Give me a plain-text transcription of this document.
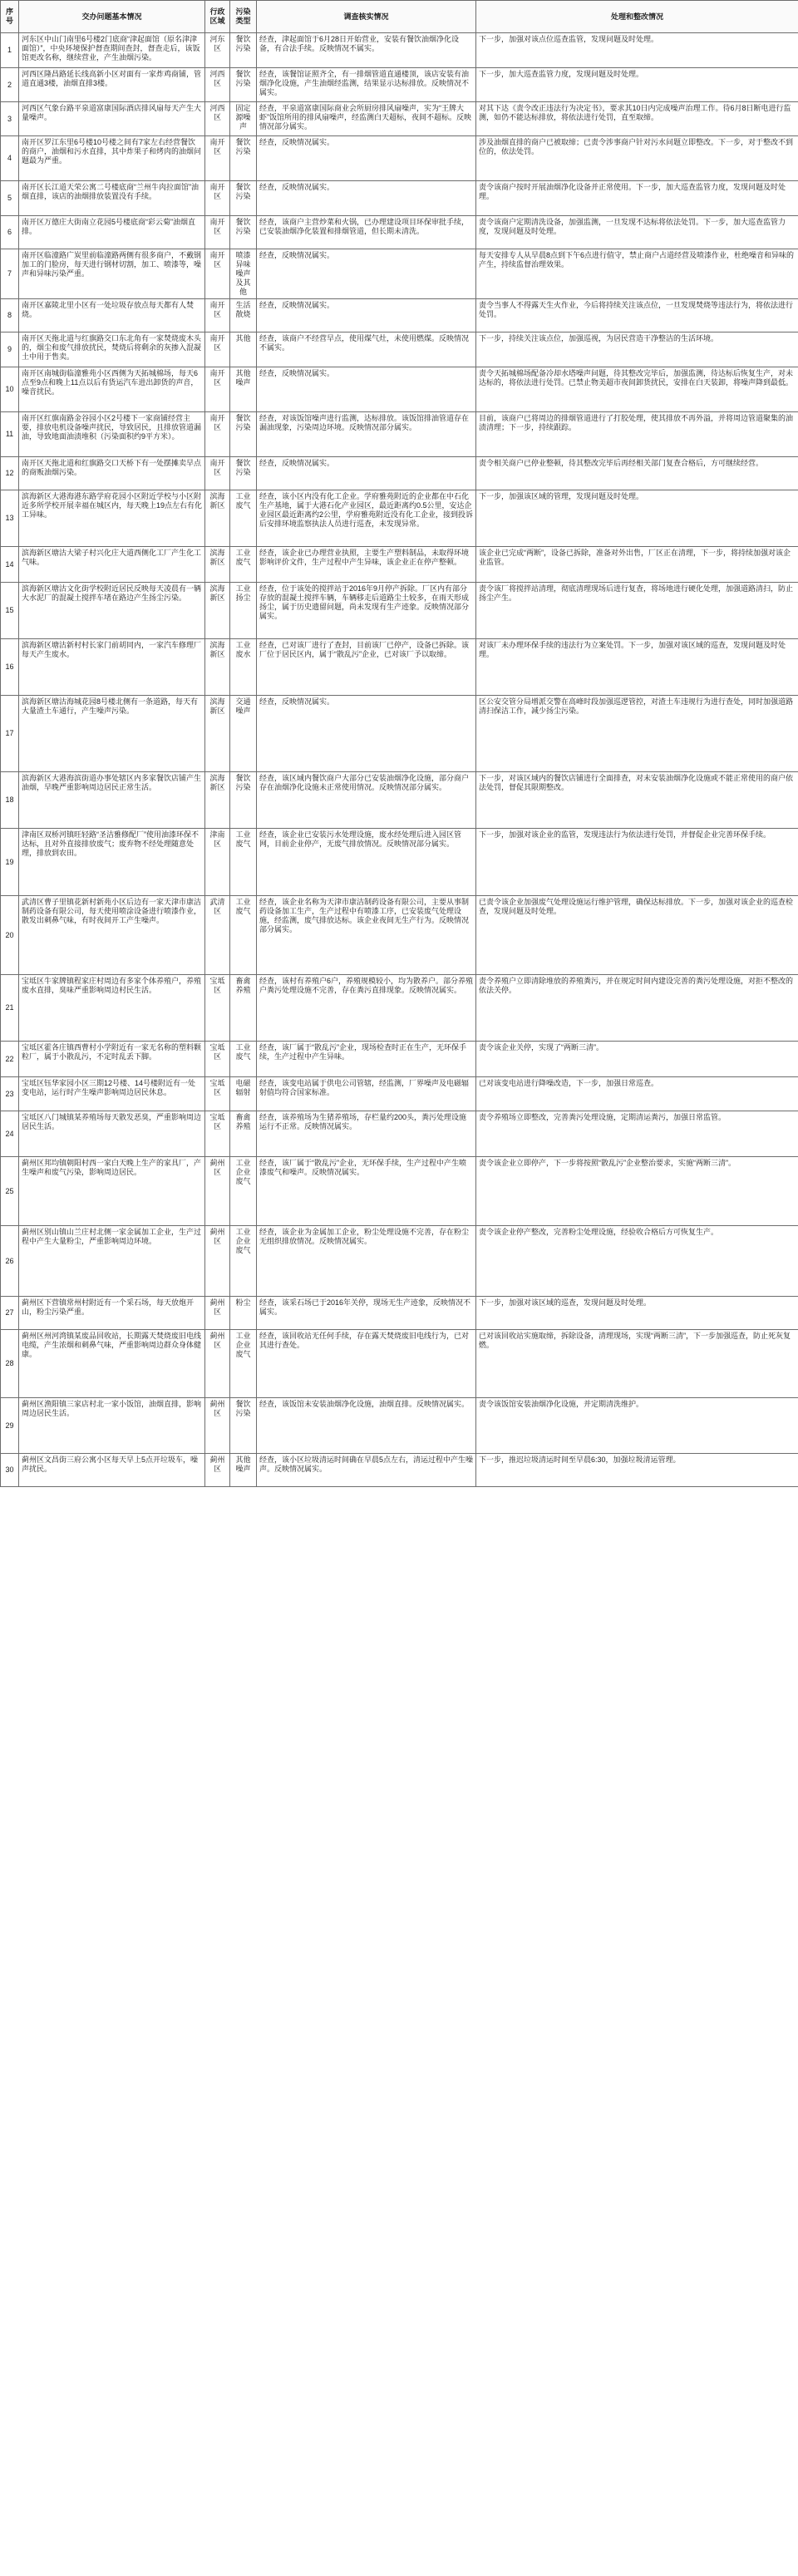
序号	交办问题基本情况	行政区域	污染类型	调查核实情况	处理和整改情况
1	河东区中山门南里6号楼2门底商“津起面馆（原名津津面馆）”，中央环境保护督查期间查封，督查走后，该饭馆更改名称，继续营业，产生油烟污染。	河东区	餐饮污染	经查，津起面馆于6月28日开始营业，安装有餐饮油烟净化设备，有合法手续。反映情况不属实。	下一步，加强对该点位巡查监管，发现问题及时处理。
2	河西区隆昌路延长线高新小区对面有一家炸鸡商铺，管道直通3楼，油烟直排3楼。	河西区	餐饮污染	经查，该餐馆证照齐全，有一排烟管道直通楼顶，该店安装有油烟净化设施，产生油烟经监测，结果显示达标排放。反映情况不属实。	下一步，加大巡查监管力度，发现问题及时处理。
3	河西区气象台路平泉道富康国际酒店排风扇每天产生大量噪声。	河西区	固定源噪声	经查，平泉道富康国际商业会所厨房排风扇噪声，实为“王牌大虾”饭馆所用的排风扇噪声，经监测白天超标，夜间不超标。反映情况部分属实。	对其下达《责令改正违法行为决定书》，要求其10日内完成噪声治理工作。待6月8日断电进行监测，如仍不能达标排放，将依法进行处罚，直至取缔。
4	南开区罗江东里6号楼10号楼之间有7家左右经营餐饮的商户，油烟和污水直排，其中炸果子和烤肉的油烟问题最为严重。	南开区	餐饮污染	经查，反映情况属实。	涉及油烟直排的商户已被取缔；已责令涉事商户针对污水问题立即整改。下一步，对于整改不到位的，依法处罚。
5	南开区长江道天荣公寓二号楼底商“兰州牛肉拉面馆”油烟直排，该店的油烟排放装置没有手续。	南开区	餐饮污染	经查，反映情况属实。	责令该商户按时开展油烟净化设备并正常使用。下一步，加大巡查监管力度，发现问题及时处理。
6	南开区万德庄大街南立花园5号楼底商“彩云菊”油烟直排。	南开区	餐饮污染	经查，该商户主营炒菜和火锅，已办理建设项目环保审批手续，已安装油烟净化装置和排烟管道，但长期未清洗。	责令该商户定期清洗设备，加强监测，一旦发现不达标将依法处罚。下一步，加大巡查监管力度，发现问题及时处理。
7	南开区临潼路广炭里前临潼路两侧有很多商户，不戴钢加工的门脸房，每天进行钢材切割，加工、喷漆等，噪声和异味污染严重。	南开区	喷漆异味噪声及其他	经查，反映情况属实。	每天安排专人从早晨8点到下午6点进行值守，禁止商户占道经营及喷漆作业，杜绝噪音和异味的产生，持续监督治理效果。
8	南开区嘉陵北里小区有一处垃圾存放点每天都有人焚烧。	南开区	生活散烧	经查，反映情况属实。	责令当事人不得露天生火作业，今后将持续关注该点位，一旦发现焚烧等违法行为，将依法进行处罚。
9	南开区天拖北道与红旗路交口东北角有一家焚烧废木头的，烟尘和废气排放扰民，焚烧后将剩余的灰掺入混凝土中用于售卖。	南开区	其他	经查，该商户不经营早点，使用煤气灶，未使用燃煤。反映情况不属实。	下一步，持续关注该点位，加强巡视，为居民营造干净整洁的生活环境。
10	南开区南城街临潼雅苑小区西侧为天拓城棉场，每天6点至9点和晚上11点以后有货运汽车进出卸货的声音，噪音扰民。	南开区	其他噪声	经查，反映情况属实。	责令天拓城棉场配备冷却水塔噪声问题，待其整改完毕后，加强监测，待达标后恢复生产，对未达标的，将依法进行处罚。已禁止物美超市夜间卸货扰民，安排在白天装卸，将噪声降到最低。
11	南开区红旗南路金谷园小区2号楼下一家商铺经营主要，排放电机设备噪声扰民，导致居民，且排放管道漏油，导致地面油渍堆积（污染面积约9平方米）。	南开区	餐饮污染	经查，对该饭馆噪声进行监测，达标排放。该饭馆排油管道存在漏油现象，污染周边环境。反映情况部分属实。	目前，该商户已将周边的排烟管道进行了打胶处理，使其排放不再外溢，并将周边管道聚集的油渍清理；下一步，持续跟踪。
12	南开区天拖北道和红旗路交口天桥下有一处摆摊卖早点的商贩油烟污染。	南开区	餐饮污染	经查，反映情况属实。	责令相关商户已停业整顿，待其整改完毕后再经相关部门复查合格后，方可继续经营。
13	滨海新区大港海港东路学府花园小区附近学校与小区附近多所学校开展幸福在城区内，每天晚上19点左右有化工异味。	滨海新区	工业废气	经查，该小区内没有化工企业。学府雅苑附近的企业都在中石化生产基地，属于大港石化产业园区，最近距离约0.5公里，安达企业园区最近距离约2公里，学府雅苑附近没有化工企业，接到投诉后安排环境监察执法人员进行巡查，未发现异常。	下一步，加强该区域的管理，发现问题及时处理。
14	滨海新区塘沽大梁子村兴化庄大道西侧化工厂产生化工气味。	滨海新区	工业废气	经查，该企业已办理营业执照，主要生产塑料制品，未取得环境影响评价文件，生产过程中产生异味，该企业正在停产整顿。	该企业已完成“两断”，设备已拆除，准备对外出售，厂区正在清理，下一步，将持续加强对该企业监管。
15	滨海新区塘沽文化街学校附近居民反映每天凌晨有一辆大水泥厂的混凝土搅拌车堵在路边产生扬尘污染。	滨海新区	工业扬尘	经查，位于该处的搅拌站于2016年9月停产拆除。厂区内有部分存放的混凝土搅拌车辆，车辆移走后道路尘土较多，在雨天形成扬尘，属于历史遗留问题，尚未发现有生产迹象。反映情况部分属实。	责令该厂将搅拌站清理，彻底清理现场后进行复查，将场地进行硬化处理，加强道路清扫，防止扬尘产生。
16	滨海新区塘沽新村村长家门前胡同内，一家汽车修理厂每天产生废水。	滨海新区	工业废水	经查，已对该厂进行了查封，目前该厂已停产，设备已拆除。该厂位于居民区内，属于“散乱污”企业，已对该厂予以取缔。	对该厂未办理环保手续的违法行为立案处罚。下一步，加强对该区域的巡查，发现问题及时处理。
17	滨海新区塘沽海城花园8号楼北侧有一条道路，每天有大量渣土车通行，产生噪声污染。	滨海新区	交通噪声	经查，反映情况属实。	区公安交管分局增派交警在高峰时段加强巡逻管控，对渣土车违规行为进行查处，同时加强道路清扫保洁工作，减少扬尘污染。
18	滨海新区大港海滨街道办事处辖区内多家餐饮店铺产生油烟，早晚严重影响周边居民正常生活。	滨海新区	餐饮污染	经查，该区域内餐饮商户大部分已安装油烟净化设施，部分商户存在油烟净化设施未正常使用情况。反映情况部分属实。	下一步，对该区域内的餐饮店铺进行全面排查，对未安装油烟净化设施或不能正常使用的商户依法处罚，督促其限期整改。
19	津南区双桥河镇旺轻路“圣洁雅修配厂”使用油漆环保不达标，且对外直接排放废气；废弃物不经处理随意处理，排放到农田。	津南区	工业废气	经查，该企业已安装污水处理设施，废水经处理后进入园区管网，目前企业停产，无废气排放情况。反映情况部分属实。	下一步，加强对该企业的监管，发现违法行为依法进行处罚，并督促企业完善环保手续。
20	武清区曹子里镇花新村新苑小区后边有一家天津市康洁制药设备有限公司，每天使用喷涂设备进行喷漆作业，散发出刺鼻气味，有时夜间开工产生噪声。	武清区	工业废气	经查，该企业名称为天津市康洁制药设备有限公司，主要从事制药设备加工生产，生产过程中有喷漆工序，已安装废气处理设施，经监测，废气排放达标。该企业夜间无生产行为。反映情况部分属实。	已责令该企业加强废气处理设施运行维护管理，确保达标排放。下一步，加强对该企业的巡查检查，发现问题及时处理。
21	宝坻区牛家牌镇程家庄村周边有多家个体养殖户，养殖废水直排，臭味严重影响周边村民生活。	宝坻区	畜禽养殖	经查，该村有养殖户6户，养殖规模较小，均为散养户。部分养殖户粪污处理设施不完善，存在粪污直排现象。反映情况属实。	责令养殖户立即清除堆放的养殖粪污，并在规定时间内建设完善的粪污处理设施，对拒不整改的依法关停。
22	宝坻区霍各庄镇西曹村小学附近有一家无名称的塑料颗粒厂，属于小散乱污，不定时乱丢下脚。	宝坻区	工业废气	经查，该厂属于“散乱污”企业，现场检查时正在生产，无环保手续，生产过程中产生异味。	责令该企业关停，实现了“两断三清”。
23	宝坻区钰华家园小区三期12号楼、14号楼附近有一处变电站，运行时产生噪声影响周边居民休息。	宝坻区	电磁辐射	经查，该变电站属于供电公司管辖，经监测，厂界噪声及电磁辐射值均符合国家标准。	已对该变电站进行降噪改造，下一步，加强日常巡查。
24	宝坻区八门城镇某养殖场每天散发恶臭，严重影响周边居民生活。	宝坻区	畜禽养殖	经查，该养殖场为生猪养殖场，存栏量约200头，粪污处理设施运行不正常。反映情况属实。	责令养殖场立即整改，完善粪污处理设施，定期清运粪污，加强日常监管。
25	蓟州区邦均镇朝阳村西一家白天晚上生产的家具厂，产生噪声和废气污染，影响周边居民。	蓟州区	工业企业废气	经查，该厂属于“散乱污”企业，无环保手续，生产过程中产生喷漆废气和噪声。反映情况属实。	责令该企业立即停产，下一步将按照“散乱污”企业整治要求，实施“两断三清”。
26	蓟州区别山镇山兰庄村北侧一家金属加工企业，生产过程中产生大量粉尘，严重影响周边环境。	蓟州区	工业企业废气	经查，该企业为金属加工企业，粉尘处理设施不完善，存在粉尘无组织排放情况。反映情况属实。	责令该企业停产整改，完善粉尘处理设施，经验收合格后方可恢复生产。
27	蓟州区下营镇常州村附近有一个采石场，每天放炮开山，粉尘污染严重。	蓟州区	粉尘	经查，该采石场已于2016年关停，现场无生产迹象，反映情况不属实。	下一步，加强对该区域的巡查，发现问题及时处理。
28	蓟州区州河湾镇某废品回收站，长期露天焚烧废旧电线电缆，产生浓烟和刺鼻气味，严重影响周边群众身体健康。	蓟州区	工业企业废气	经查，该回收站无任何手续，存在露天焚烧废旧电线行为，已对其进行查处。	已对该回收站实施取缔，拆除设备，清理现场，实现“两断三清”，下一步加强巡查，防止死灰复燃。
29	蓟州区渔阳镇三家店村北一家小饭馆，油烟直排，影响周边居民生活。	蓟州区	餐饮污染	经查，该饭馆未安装油烟净化设施，油烟直排。反映情况属实。	责令该饭馆安装油烟净化设施，并定期清洗维护。
30	蓟州区文昌街三府公寓小区每天早上5点开垃圾车，噪声扰民。	蓟州区	其他噪声	经查，该小区垃圾清运时间确在早晨5点左右，清运过程中产生噪声。反映情况属实。	下一步，推迟垃圾清运时间至早晨6:30，加强垃圾清运管理。
